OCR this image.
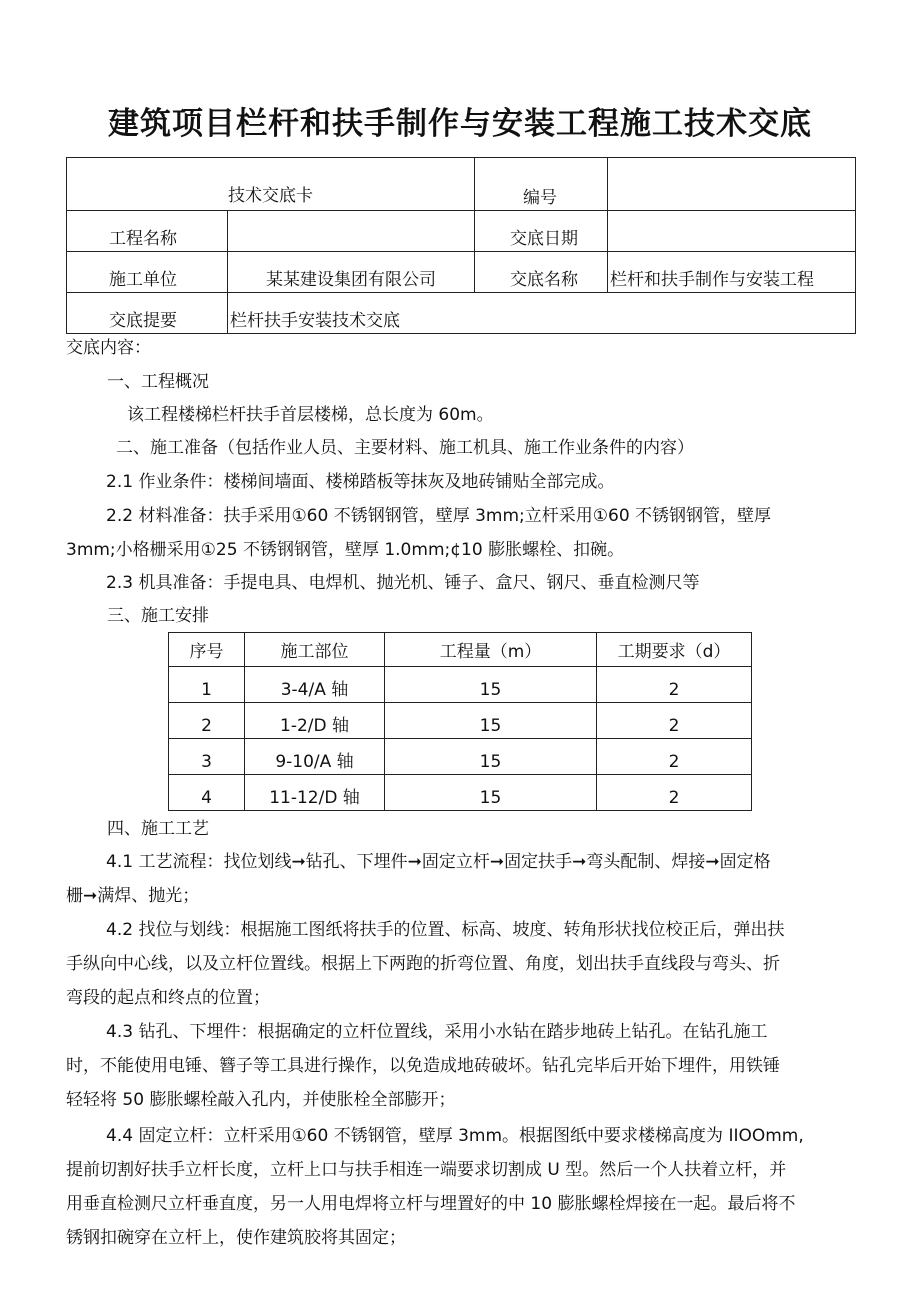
建筑项目栏杆和扶手制作与安装工程施工技术交底
技术交底卡		编号	
工程名称		交底日期	
施工单位	某某建设集团有限公司	交底名称	栏杆和扶手制作与安装工程
交底提要	栏杆扶手安装技术交底		
交底内容：
一、工程概况
该工程楼梯栏杆扶手首层楼梯，总长度为 60m。
二、施工准备（包括作业人员、主要材料、施工机具、施工作业条件的内容）
2.1 作业条件：楼梯间墙面、楼梯踏板等抹灰及地砖铺贴全部完成。
2.2 材料准备：扶手采用①60 不锈钢钢管，壁厚 3mm;立杆采用①60 不锈钢钢管，壁厚
3mm;小格栅采用①25 不锈钢钢管，壁厚 1.0mm;¢10 膨胀螺栓、扣碗。
2.3 机具准备：手提电具、电焊机、抛光机、锤子、盒尺、钢尺、垂直检测尺等
三、施工安排
序号	施工部位	工程量（m）	工期要求（d）
1	3-4/A 轴	15	2
2	1-2/D 轴	15	2
3	9-10/A 轴	15	2
4	11-12/D 轴	15	2
四、施工工艺
4.1 工艺流程：找位划线➞钻孔、下埋件➞固定立杆➞固定扶手➞弯头配制、焊接➞固定格
栅➞满焊、抛光；
4.2 找位与划线：根据施工图纸将扶手的位置、标高、坡度、转角形状找位校正后，弹出扶
手纵向中心线，以及立杆位置线。根据上下两跑的折弯位置、角度，划出扶手直线段与弯头、折
弯段的起点和终点的位置；
4.3 钻孔、下埋件：根据确定的立杆位置线，采用小水钻在踏步地砖上钻孔。在钻孔施工
时，不能使用电锤、簪子等工具进行操作，以免造成地砖破坏。钻孔完毕后开始下埋件，用铁锤
轻轻将 50 膨胀螺栓敲入孔内，并使胀栓全部膨开；
4.4 固定立杆：立杆采用①60 不锈钢管，壁厚 3mm。根据图纸中要求楼梯高度为 IIOOmm,
提前切割好扶手立杆长度，立杆上口与扶手相连一端要求切割成 U 型。然后一个人扶着立杆，并
用垂直检测尺立杆垂直度，另一人用电焊将立杆与埋置好的中 10 膨胀螺栓焊接在一起。最后将不
锈钢扣碗穿在立杆上，使作建筑胶将其固定；
